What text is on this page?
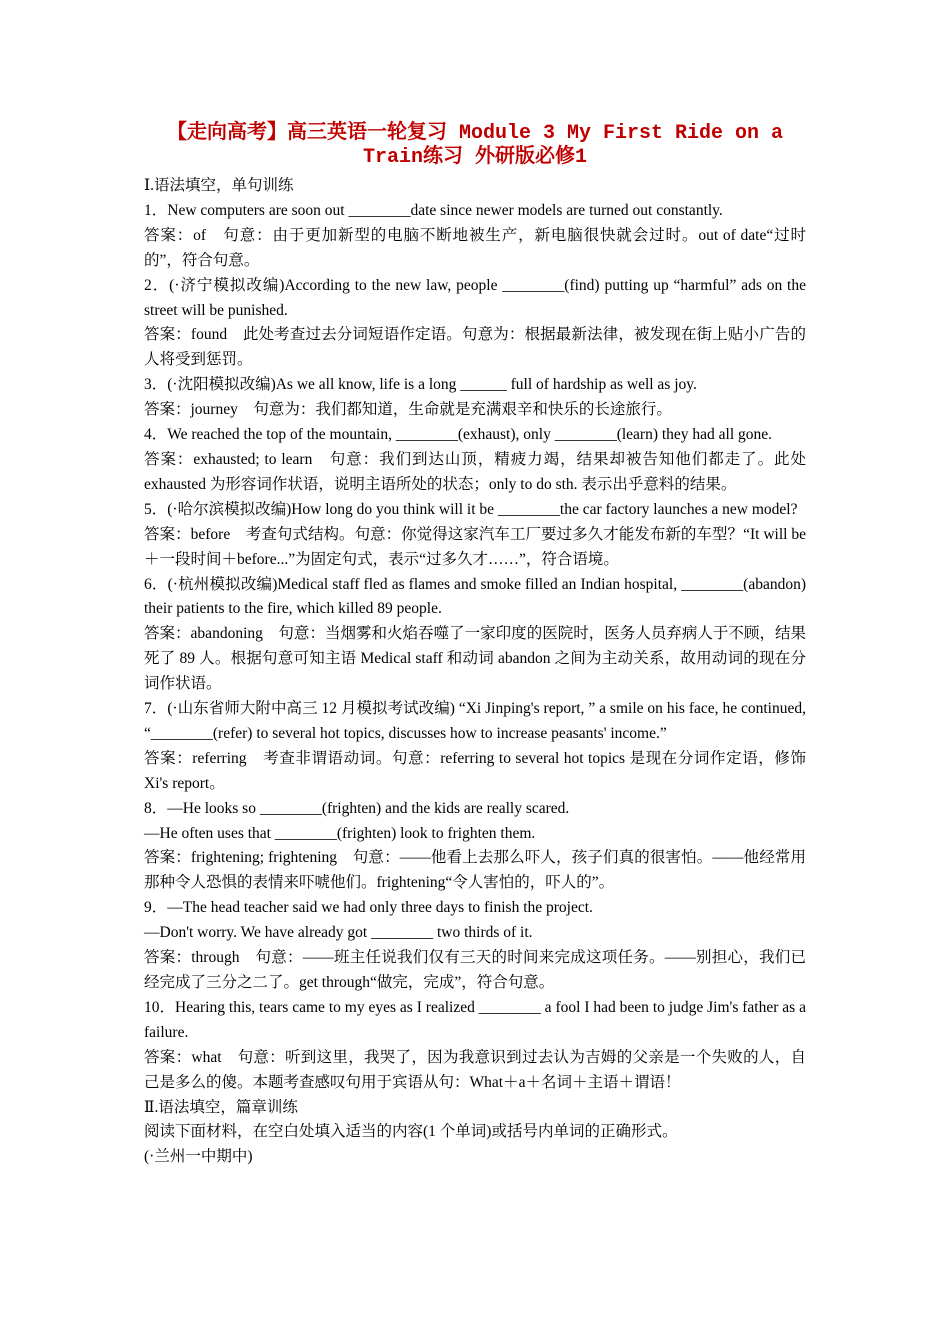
【走向高考】高三英语一轮复习 Module 3 My First Ride on a
Train练习 外研版必修1

Ⅰ.语法填空，单句训练

1．New computers are soon out ________date since newer models are turned out constantly.

答案：of　句意：由于更加新型的电脑不断地被生产，新电脑很快就会过时。out of date“过时的”，符合句意。

2．(·济宁模拟改编)According to the new law, people ________(find) putting up “harmful” ads on the street will be punished.

答案：found　此处考查过去分词短语作定语。句意为：根据最新法律，被发现在街上贴小广告的人将受到惩罚。

3．(·沈阳模拟改编)As we all know, life is a long ______ full of hardship as well as joy.

答案：journey　句意为：我们都知道，生命就是充满艰辛和快乐的长途旅行。

4．We reached the top of the mountain, ________(exhaust), only ________(learn) they had all gone.

答案：exhausted; to learn　句意：我们到达山顶，精疲力竭，结果却被告知他们都走了。此处 exhausted 为形容词作状语，说明主语所处的状态；only to do sth. 表示出乎意料的结果。

5．(·哈尔滨模拟改编)How long do you think will it be ________the car factory launches a new model?

答案：before　考查句式结构。句意：你觉得这家汽车工厂要过多久才能发布新的车型？“It will be＋一段时间＋before...”为固定句式，表示“过多久才……”，符合语境。

6．(·杭州模拟改编)Medical staff fled as flames and smoke filled an Indian hospital, ________(abandon) their patients to the fire, which killed 89 people.

答案：abandoning　句意：当烟雾和火焰吞噬了一家印度的医院时，医务人员弃病人于不顾，结果死了 89 人。根据句意可知主语 Medical staff 和动词 abandon 之间为主动关系，故用动词的现在分词作状语。

7．(·山东省师大附中高三 12 月模拟考试改编) “Xi Jinping's report, ” a smile on his face, he continued, “________(refer) to several hot topics, discusses how to increase peasants' income.”

答案：referring　考查非谓语动词。句意：referring to several hot topics 是现在分词作定语，修饰 Xi's report。

8．—He looks so ________(frighten) and the kids are really scared.

—He often uses that ________(frighten) look to frighten them.

答案：frightening; frightening　句意：——他看上去那么吓人，孩子们真的很害怕。——他经常用那种令人恐惧的表情来吓唬他们。frightening“令人害怕的，吓人的”。

9．—The head teacher said we had only three days to finish the project.

—Don't worry. We have already got ________ two thirds of it.

答案：through　句意：——班主任说我们仅有三天的时间来完成这项任务。——别担心，我们已经完成了三分之二了。get through“做完，完成”，符合句意。

10．Hearing this, tears came to my eyes as I realized ________ a fool I had been to judge Jim's father as a failure.

答案：what　句意：听到这里，我哭了，因为我意识到过去认为吉姆的父亲是一个失败的人，自己是多么的傻。本题考查感叹句用于宾语从句：What＋a＋名词＋主语＋谓语！

Ⅱ.语法填空，篇章训练

阅读下面材料，在空白处填入适当的内容(1 个单词)或括号内单词的正确形式。

(·兰州一中期中)
